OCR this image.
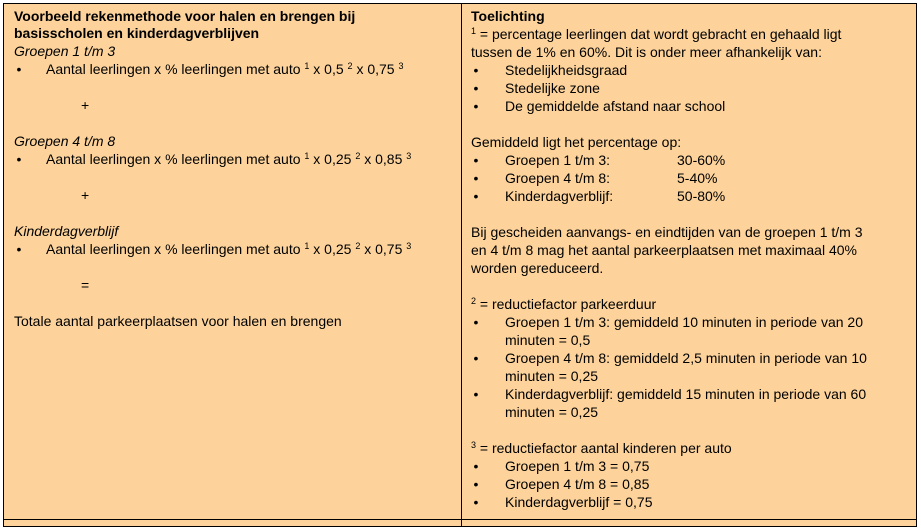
Voorbeeld rekenmethode voor halen en brengen bij
basisscholen en kinderdagverblijven
Groepen 1 t/m 3
• Aantal leerlingen x % leerlingen met auto $^1$ x 0,5 $^2$ x 0,75 $^3$

+

Groepen 4 t/m 8
• Aantal leerlingen x % leerlingen met auto $^1$ x 0,25 $^2$ x 0,85 $^3$

+

Kinderdagverblijf
• Aantal leerlingen x % leerlingen met auto $^1$ x 0,25 $^2$ x 0,75 $^3$

=

Totale aantal parkeerplaatsen voor halen en brengen
Toelichting
$^1$ = percentage leerlingen dat wordt gebracht en gehaald ligt
tussen de 1% en 60%. Dit is onder meer afhankelijk van:
• Stedelijkheidsgraad
• Stedelijke zone
• De gemiddelde afstand naar school

Gemiddeld ligt het percentage op:
• Groepen 1 t/m 3:	30-60%
• Groepen 4 t/m 8:	5-40%
• Kinderdagverblijf:	50-80%

Bij gescheiden aanvangs- en eindtijden van de groepen 1 t/m 3
en 4 t/m 8 mag het aantal parkeerplaatsen met maximaal 40%
worden gereduceerd.

$^2$ = reductiefactor parkeerduur
• Groepen 1 t/m 3: gemiddeld 10 minuten in periode van 20
minuten = 0,5
• Groepen 4 t/m 8: gemiddeld 2,5 minuten in periode van 10
minuten = 0,25
• Kinderdagverblijf: gemiddeld 15 minuten in periode van 60
minuten = 0,25

$^3$ = reductiefactor aantal kinderen per auto
• Groepen 1 t/m 3 = 0,75
• Groepen 4 t/m 8 = 0,85
• Kinderdagverblijf = 0,75
